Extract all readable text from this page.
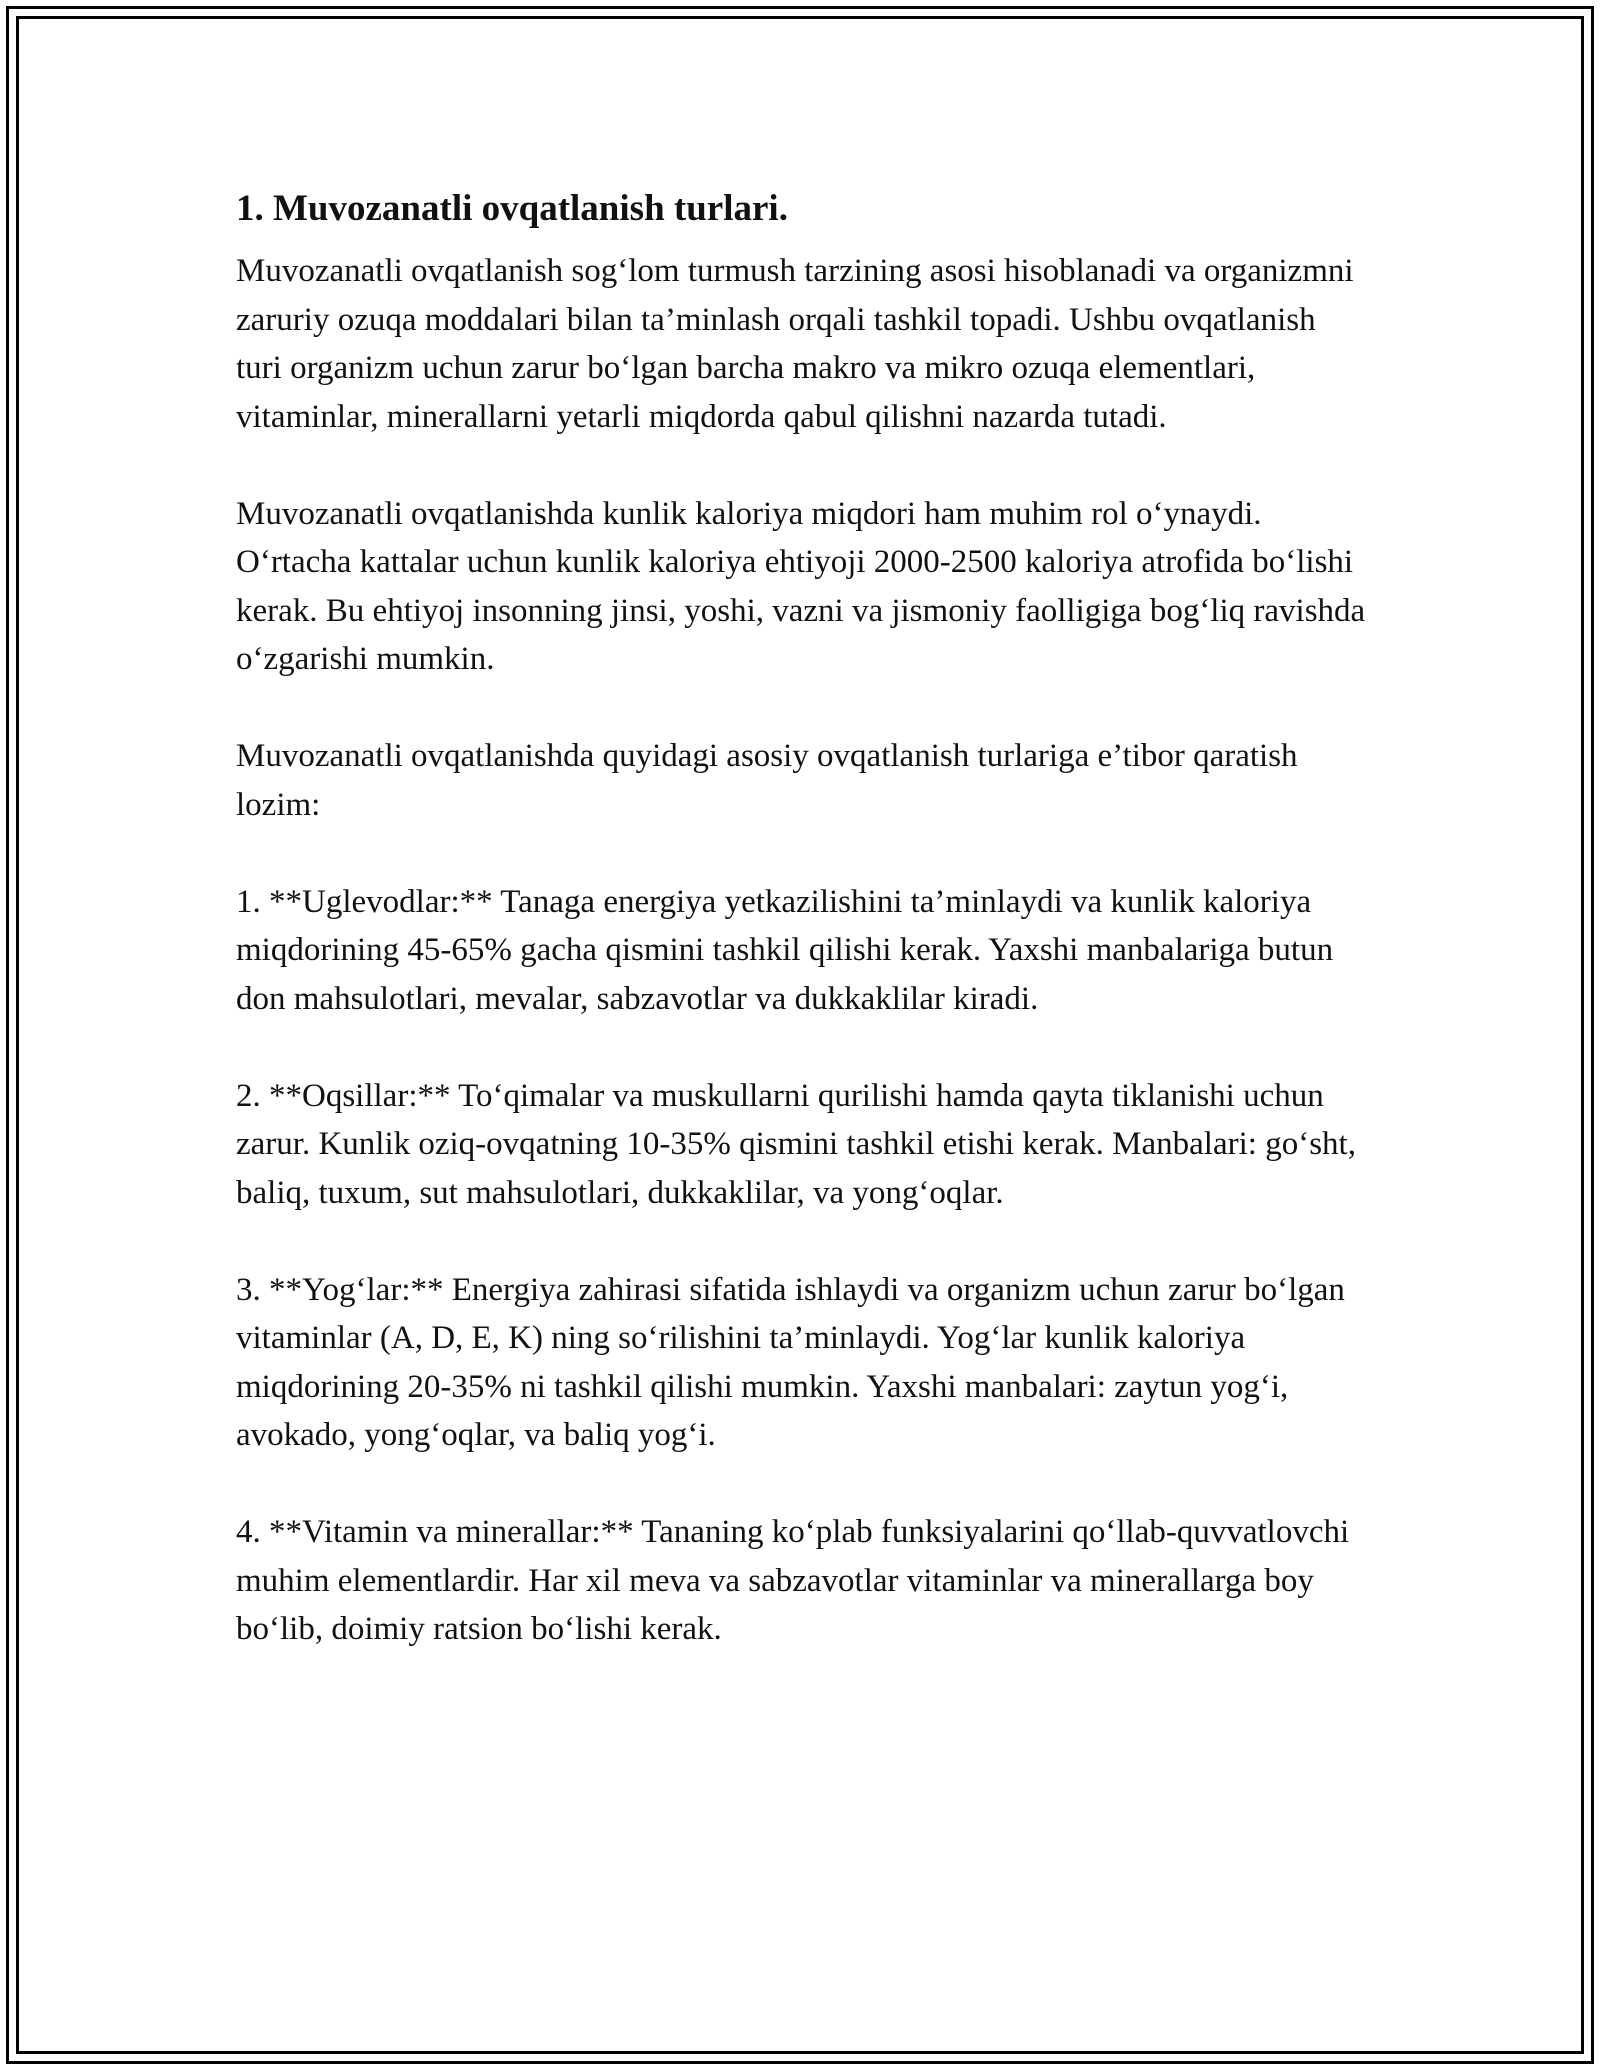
1. Muvozanatli ovqatlanish turlari.

Muvozanatli ovqatlanish sog‘lom turmush tarzining asosi hisoblanadi va organizmni zaruriy ozuqa moddalari bilan ta’minlash orqali tashkil topadi. Ushbu ovqatlanish turi organizm uchun zarur bo‘lgan barcha makro va mikro ozuqa elementlari, vitaminlar, minerallarni yetarli miqdorda qabul qilishni nazarda tutadi.

Muvozanatli ovqatlanishda kunlik kaloriya miqdori ham muhim rol o‘ynaydi. O‘rtacha kattalar uchun kunlik kaloriya ehtiyoji 2000-2500 kaloriya atrofida bo‘lishi kerak. Bu ehtiyoj insonning jinsi, yoshi, vazni va jismoniy faolligiga bog‘liq ravishda o‘zgarishi mumkin.

Muvozanatli ovqatlanishda quyidagi asosiy ovqatlanish turlariga e’tibor qaratish lozim:

1. **Uglevodlar:** Tanaga energiya yetkazilishini ta’minlaydi va kunlik kaloriya miqdorining 45-65% gacha qismini tashkil qilishi kerak. Yaxshi manbalariga butun don mahsulotlari, mevalar, sabzavotlar va dukkaklilar kiradi.

2. **Oqsillar:** To‘qimalar va muskullarni qurilishi hamda qayta tiklanishi uchun zarur. Kunlik oziq-ovqatning 10-35% qismini tashkil etishi kerak. Manbalari: go‘sht, baliq, tuxum, sut mahsulotlari, dukkaklilar, va yong‘oqlar.

3. **Yog‘lar:** Energiya zahirasi sifatida ishlaydi va organizm uchun zarur bo‘lgan vitaminlar (A, D, E, K) ning so‘rilishini ta’minlaydi. Yog‘lar kunlik kaloriya miqdorining 20-35% ni tashkil qilishi mumkin. Yaxshi manbalari: zaytun yog‘i, avokado, yong‘oqlar, va baliq yog‘i.

4. **Vitamin va minerallar:** Tananing ko‘plab funksiyalarini qo‘llab-quvvatlovchi muhim elementlardir. Har xil meva va sabzavotlar vitaminlar va minerallarga boy bo‘lib, doimiy ratsion bo‘lishi kerak.
